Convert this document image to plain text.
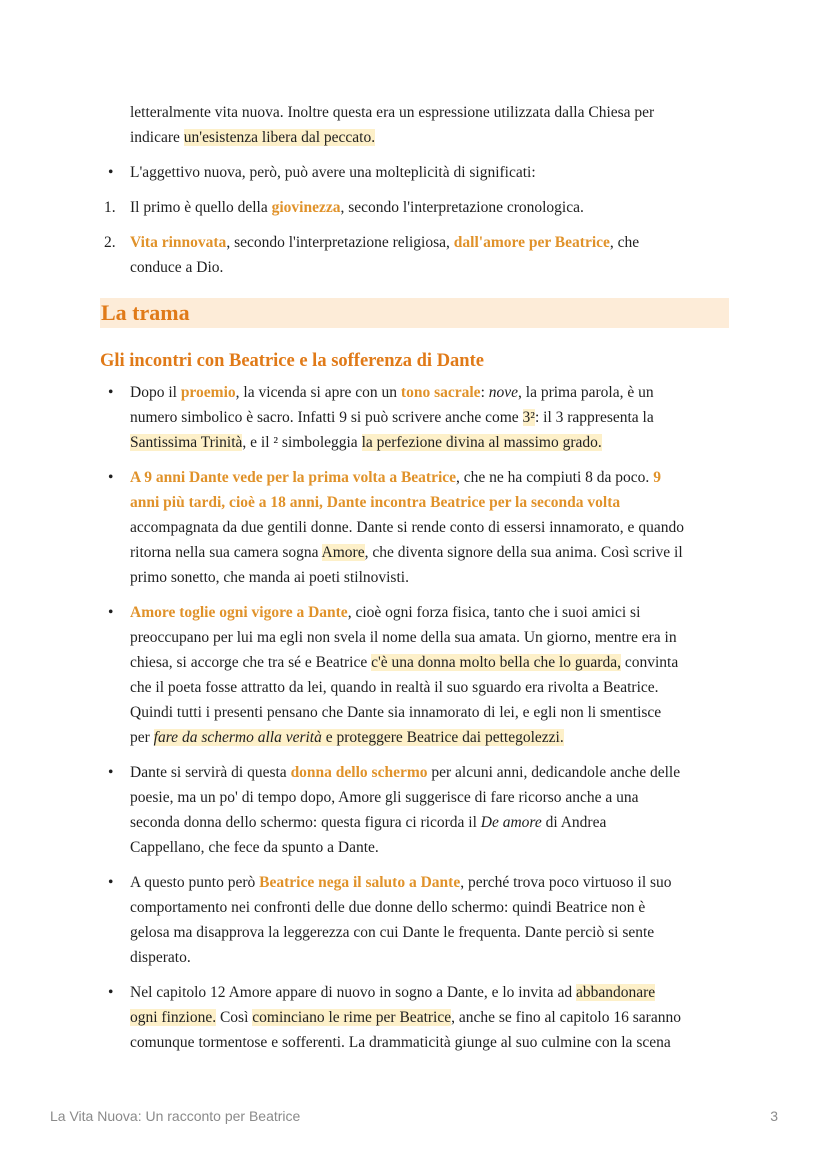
letteralmente vita nuova. Inoltre questa era un espressione utilizzata dalla Chiesa per

indicare un'esistenza libera dal peccato.

• L'aggettivo nuova, però, può avere una molteplicità di significati:

1. Il primo è quello della giovinezza, secondo l'interpretazione cronologica.

2. Vita rinnovata, secondo l'interpretazione religiosa, dall'amore per Beatrice, che

conduce a Dio.

La trama
Gli incontri con Beatrice e la sofferenza di Dante
• Dopo il proemio, la vicenda si apre con un tono sacrale: nove, la prima parola, è un

numero simbolico è sacro. Infatti 9 si può scrivere anche come 3²: il 3 rappresenta la

Santissima Trinità, e il ² simboleggia la perfezione divina al massimo grado.

• A 9 anni Dante vede per la prima volta a Beatrice, che ne ha compiuti 8 da poco. 9

anni più tardi, cioè a 18 anni, Dante incontra Beatrice per la seconda volta

accompagnata da due gentili donne. Dante si rende conto di essersi innamorato, e quando

ritorna nella sua camera sogna Amore, che diventa signore della sua anima. Così scrive il

primo sonetto, che manda ai poeti stilnovisti.

• Amore toglie ogni vigore a Dante, cioè ogni forza fisica, tanto che i suoi amici si

preoccupano per lui ma egli non svela il nome della sua amata. Un giorno, mentre era in

chiesa, si accorge che tra sé e Beatrice c'è una donna molto bella che lo guarda, convinta

che il poeta fosse attratto da lei, quando in realtà il suo sguardo era rivolta a Beatrice.

Quindi tutti i presenti pensano che Dante sia innamorato di lei, e egli non li smentisce

per fare da schermo alla verità e proteggere Beatrice dai pettegolezzi.

• Dante si servirà di questa donna dello schermo per alcuni anni, dedicandole anche delle

poesie, ma un po' di tempo dopo, Amore gli suggerisce di fare ricorso anche a una

seconda donna dello schermo: questa figura ci ricorda il De amore di Andrea

Cappellano, che fece da spunto a Dante.

• A questo punto però Beatrice nega il saluto a Dante, perché trova poco virtuoso il suo

comportamento nei confronti delle due donne dello schermo: quindi Beatrice non è

gelosa ma disapprova la leggerezza con cui Dante le frequenta. Dante perciò si sente

disperato.

• Nel capitolo 12 Amore appare di nuovo in sogno a Dante, e lo invita ad abbandonare

ogni finzione. Così cominciano le rime per Beatrice, anche se fino al capitolo 16 saranno

comunque tormentose e sofferenti. La drammaticità giunge al suo culmine con la scena

La Vita Nuova: Un racconto per Beatrice	3
